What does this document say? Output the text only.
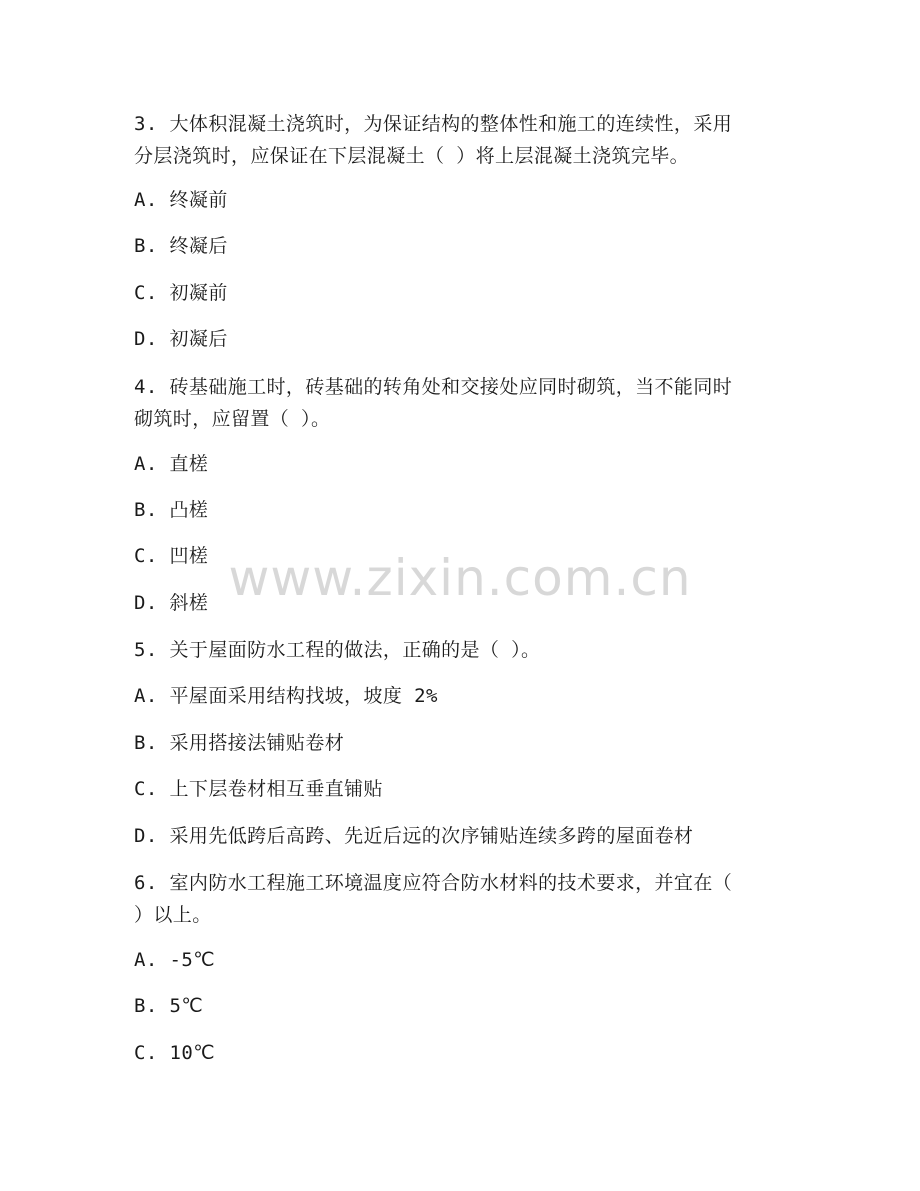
3. 大体积混凝土浇筑时，为保证结构的整体性和施工的连续性，采用
分层浇筑时，应保证在下层混凝土（ ）将上层混凝土浇筑完毕。
A. 终凝前
B. 终凝后
C. 初凝前
D. 初凝后
4. 砖基础施工时，砖基础的转角处和交接处应同时砌筑，当不能同时
砌筑时，应留置（ ）。
A. 直槎
B. 凸槎
C. 凹槎
D. 斜槎
5. 关于屋面防水工程的做法，正确的是（ ）。
A. 平屋面采用结构找坡，坡度 2%
B. 采用搭接法铺贴卷材
C. 上下层卷材相互垂直铺贴
D. 采用先低跨后高跨、先近后远的次序铺贴连续多跨的屋面卷材
6. 室内防水工程施工环境温度应符合防水材料的技术要求，并宜在（
）以上。
A. -5℃
B. 5℃
C. 10℃
www.zixin.com.cn
